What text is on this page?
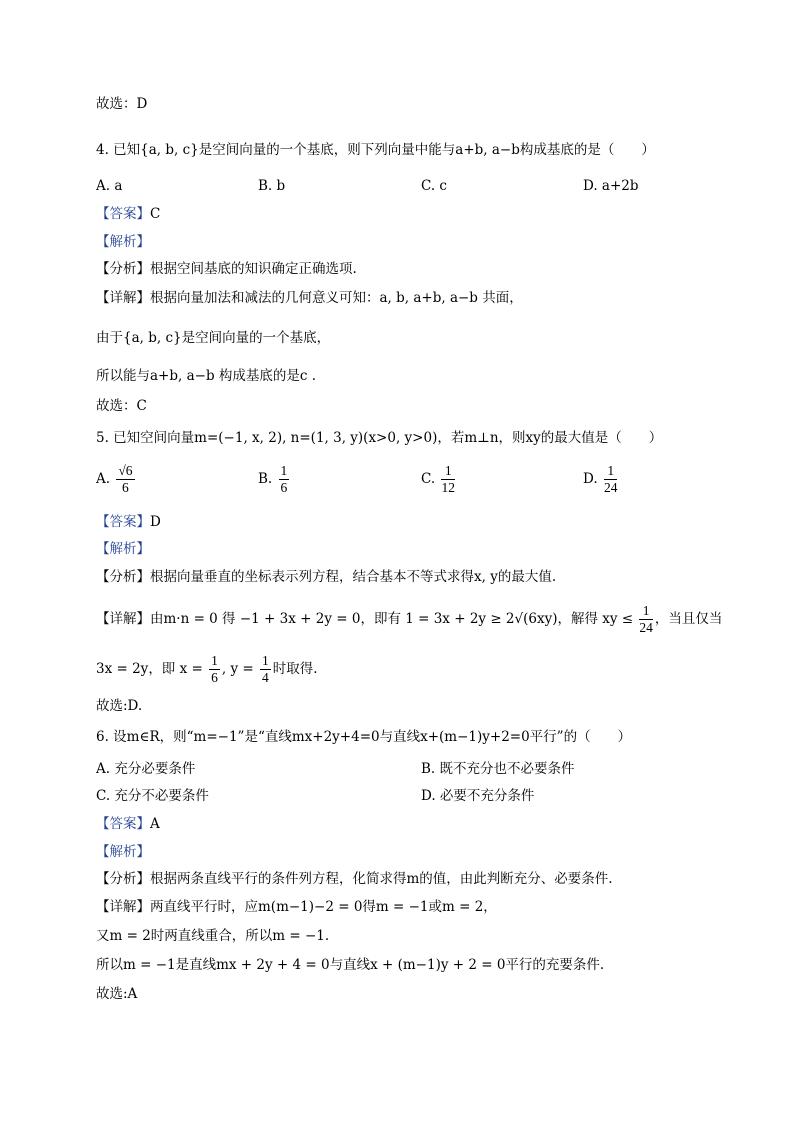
故选：D
4. 已知{a, b, c}是空间向量的一个基底，则下列向量中能与a+b, a−b构成基底的是（　　）
A. a	B. b	C. c	D. a+2b
【答案】C
【解析】
【分析】根据空间基底的知识确定正确选项.
【详解】根据向量加法和减法的几何意义可知：a, b, a+b, a−b 共面，
由于{a, b, c}是空间向量的一个基底，
所以能与a+b, a−b 构成基底的是c .
故选：C
5. 已知空间向量m=(−1, x, 2), n=(1, 3, y)(x>0, y>0)，若m⊥n，则xy的最大值是（　　）
A. $\frac{√6}{6}$	B. $\frac{1}{6}$	C. $\frac{1}{12}$	D. $\frac{1}{24}$
【答案】D
【解析】
【分析】根据向量垂直的坐标表示列方程，结合基本不等式求得x, y的最大值.
【详解】由m·n = 0 得 −1 + 3x + 2y = 0，即有 1 = 3x + 2y ≥ 2√(6xy)，解得 xy ≤ $\frac{1}{24}$ ，当且仅当
3x = 2y，即 $x = \frac{1}{6}$ , $y = \frac{1}{4}$ 时取得.
故选:D.
6. 设m∈R，则“m=−1”是“直线mx+2y+4=0与直线x+(m−1)y+2=0平行”的（　　）
A. 充分必要条件	B. 既不充分也不必要条件
C. 充分不必要条件	D. 必要不充分条件
【答案】A
【解析】
【分析】根据两条直线平行的条件列方程，化简求得m的值，由此判断充分、必要条件.
【详解】两直线平行时，应m(m−1)−2 = 0得m = −1或m = 2，
又m = 2时两直线重合，所以m = −1.
所以m = −1是直线mx + 2y + 4 = 0与直线x + (m−1)y + 2 = 0平行的充要条件.
故选:A
